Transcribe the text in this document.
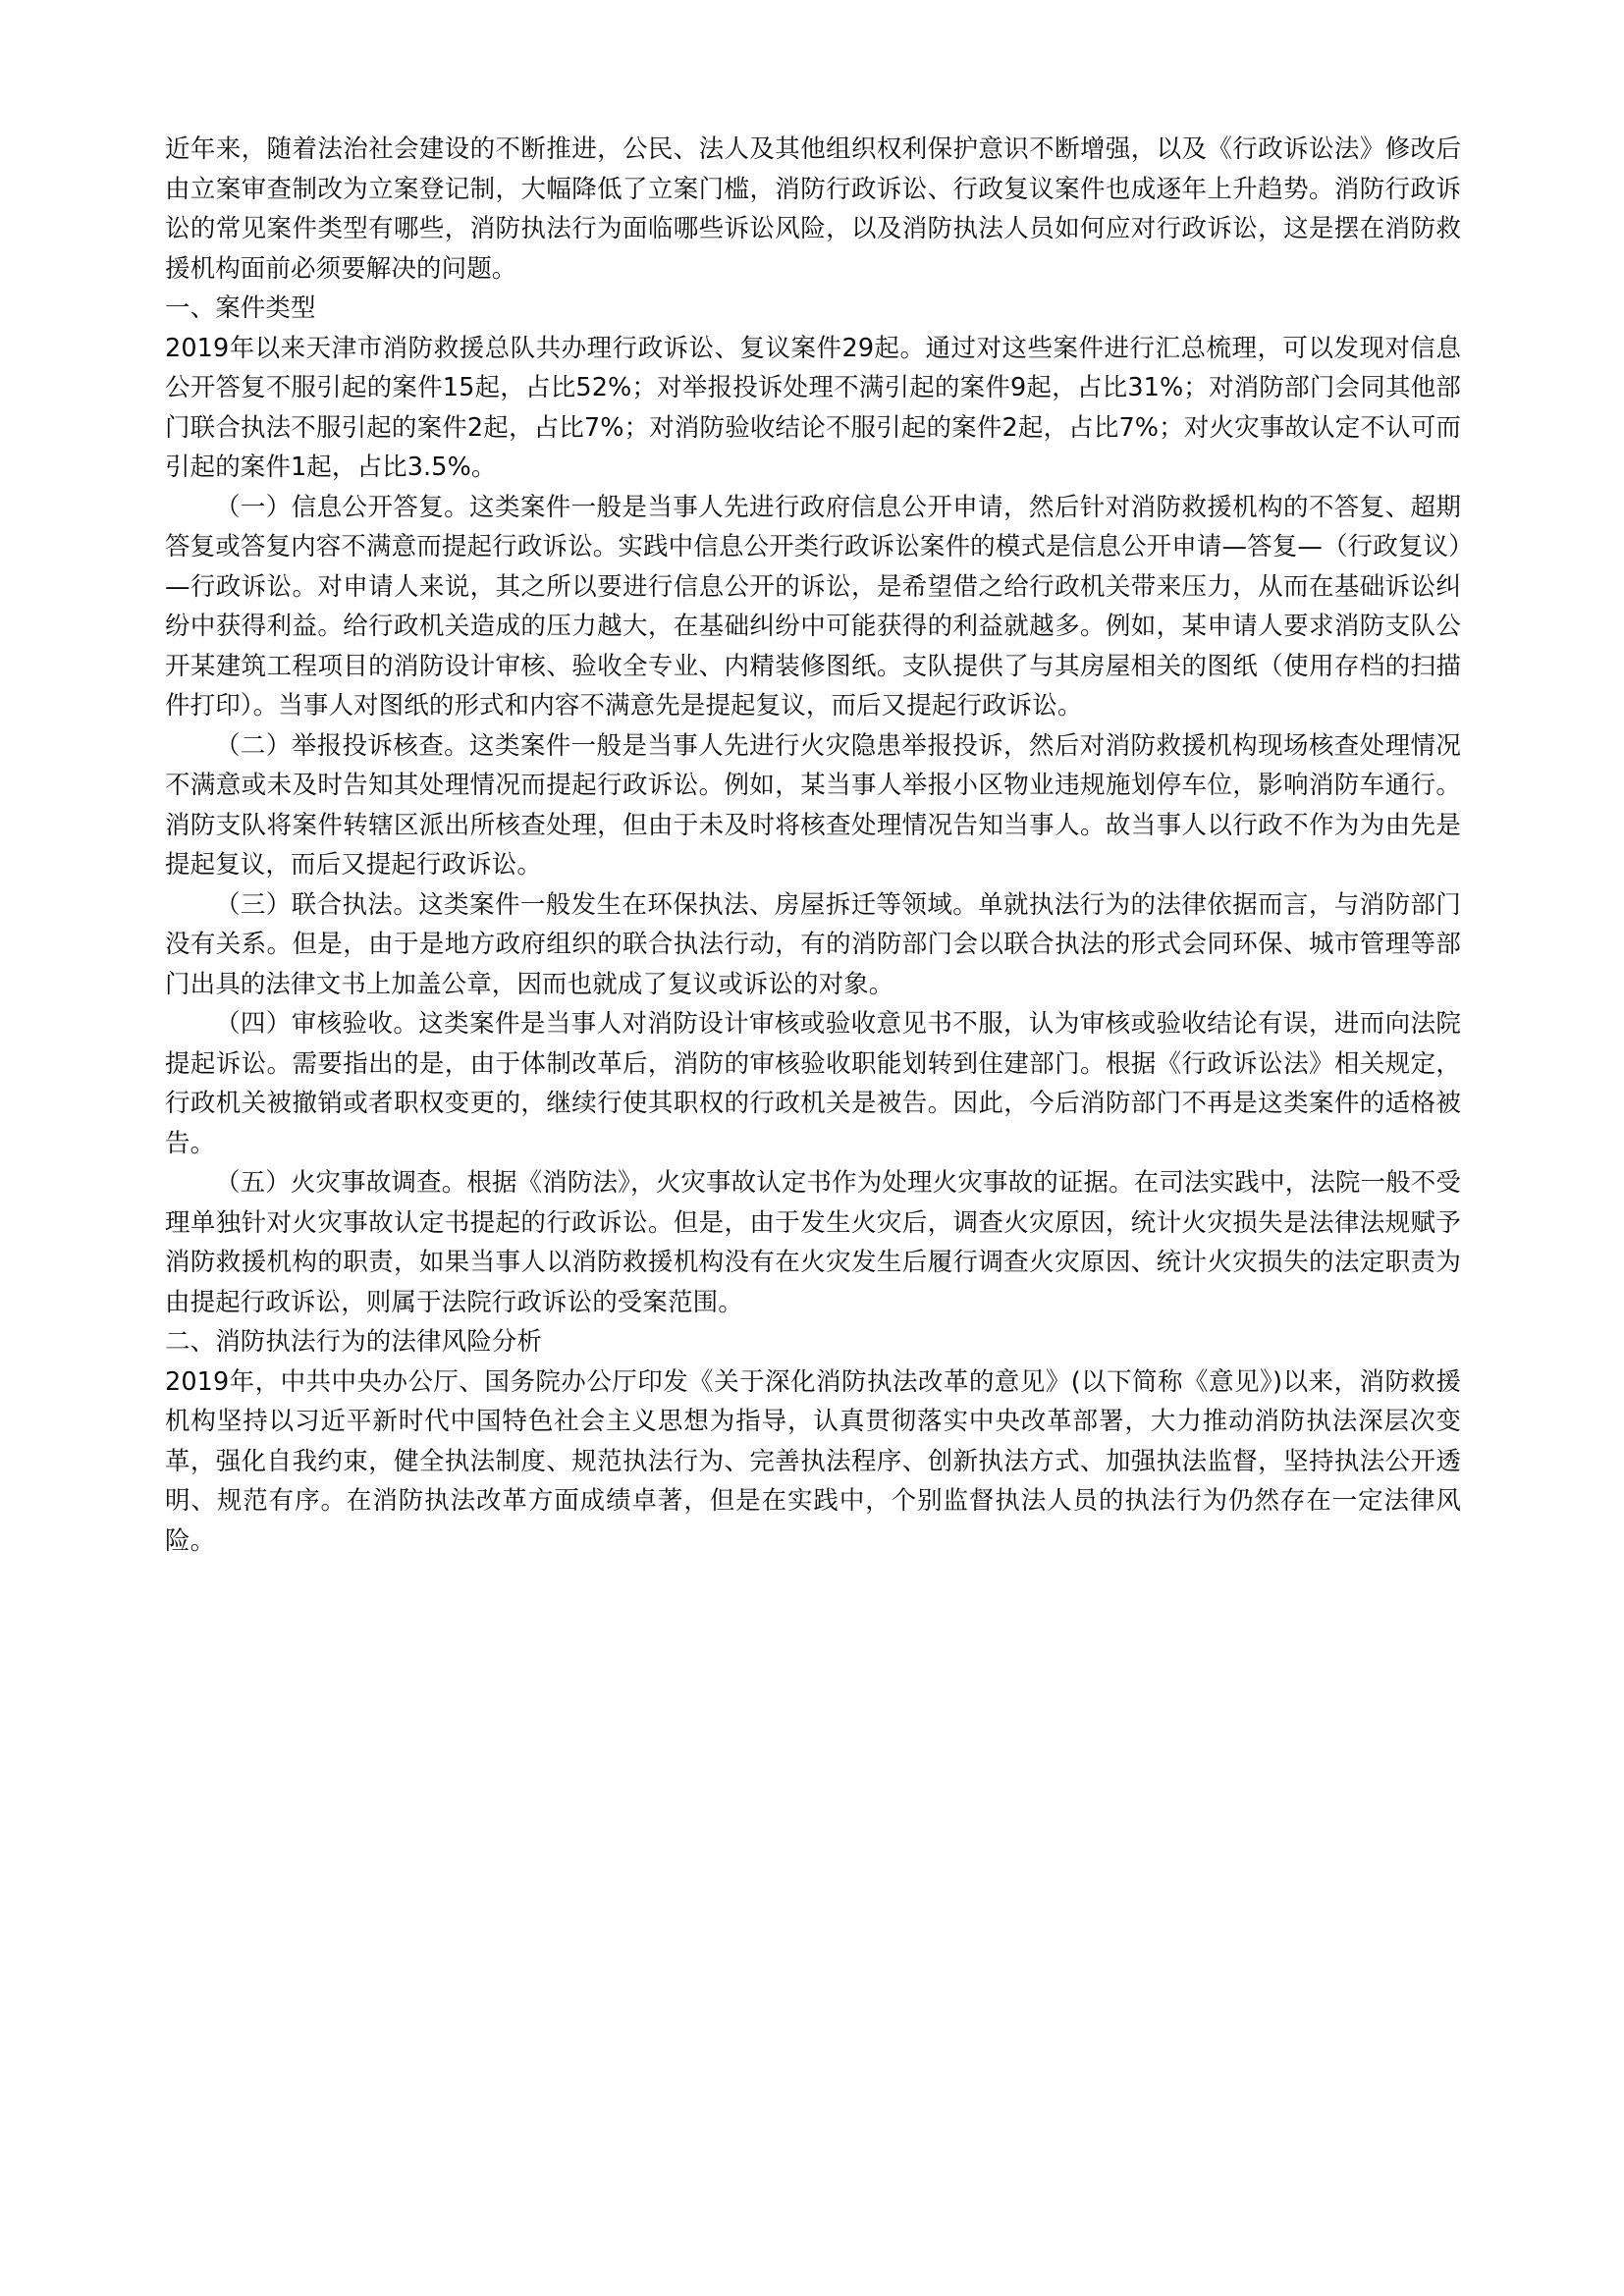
近年来，随着法治社会建设的不断推进，公民、法人及其他组织权利保护意识不断增强，以及《行政诉讼法》修改后由立案审查制改为立案登记制，大幅降低了立案门槛，消防行政诉讼、行政复议案件也成逐年上升趋势。消防行政诉讼的常见案件类型有哪些，消防执法行为面临哪些诉讼风险，以及消防执法人员如何应对行政诉讼，这是摆在消防救援机构面前必须要解决的问题。

一、案件类型

2019年以来天津市消防救援总队共办理行政诉讼、复议案件29起。通过对这些案件进行汇总梳理，可以发现对信息公开答复不服引起的案件15起，占比52%；对举报投诉处理不满引起的案件9起，占比31%；对消防部门会同其他部门联合执法不服引起的案件2起，占比7%；对消防验收结论不服引起的案件2起，占比7%；对火灾事故认定不认可而引起的案件1起，占比3.5%。

（一）信息公开答复。这类案件一般是当事人先进行政府信息公开申请，然后针对消防救援机构的不答复、超期答复或答复内容不满意而提起行政诉讼。实践中信息公开类行政诉讼案件的模式是信息公开申请—答复—（行政复议）—行政诉讼。对申请人来说，其之所以要进行信息公开的诉讼，是希望借之给行政机关带来压力，从而在基础诉讼纠纷中获得利益。给行政机关造成的压力越大，在基础纠纷中可能获得的利益就越多。例如，某申请人要求消防支队公开某建筑工程项目的消防设计审核、验收全专业、内精装修图纸。支队提供了与其房屋相关的图纸（使用存档的扫描件打印）。当事人对图纸的形式和内容不满意先是提起复议，而后又提起行政诉讼。

（二）举报投诉核查。这类案件一般是当事人先进行火灾隐患举报投诉，然后对消防救援机构现场核查处理情况不满意或未及时告知其处理情况而提起行政诉讼。例如，某当事人举报小区物业违规施划停车位，影响消防车通行。消防支队将案件转辖区派出所核查处理，但由于未及时将核查处理情况告知当事人。故当事人以行政不作为为由先是提起复议，而后又提起行政诉讼。

（三）联合执法。这类案件一般发生在环保执法、房屋拆迁等领域。单就执法行为的法律依据而言，与消防部门没有关系。但是，由于是地方政府组织的联合执法行动，有的消防部门会以联合执法的形式会同环保、城市管理等部门出具的法律文书上加盖公章，因而也就成了复议或诉讼的对象。

（四）审核验收。这类案件是当事人对消防设计审核或验收意见书不服，认为审核或验收结论有误，进而向法院提起诉讼。需要指出的是，由于体制改革后，消防的审核验收职能划转到住建部门。根据《行政诉讼法》相关规定，行政机关被撤销或者职权变更的，继续行使其职权的行政机关是被告。因此，今后消防部门不再是这类案件的适格被告。

（五）火灾事故调查。根据《消防法》，火灾事故认定书作为处理火灾事故的证据。在司法实践中，法院一般不受理单独针对火灾事故认定书提起的行政诉讼。但是，由于发生火灾后，调查火灾原因，统计火灾损失是法律法规赋予消防救援机构的职责，如果当事人以消防救援机构没有在火灾发生后履行调查火灾原因、统计火灾损失的法定职责为由提起行政诉讼，则属于法院行政诉讼的受案范围。

二、消防执法行为的法律风险分析

2019年，中共中央办公厅、国务院办公厅印发《关于深化消防执法改革的意见》(以下简称《意见》)以来，消防救援机构坚持以习近平新时代中国特色社会主义思想为指导，认真贯彻落实中央改革部署，大力推动消防执法深层次变革，强化自我约束，健全执法制度、规范执法行为、完善执法程序、创新执法方式、加强执法监督，坚持执法公开透明、规范有序。在消防执法改革方面成绩卓著，但是在实践中，个别监督执法人员的执法行为仍然存在一定法律风险。
